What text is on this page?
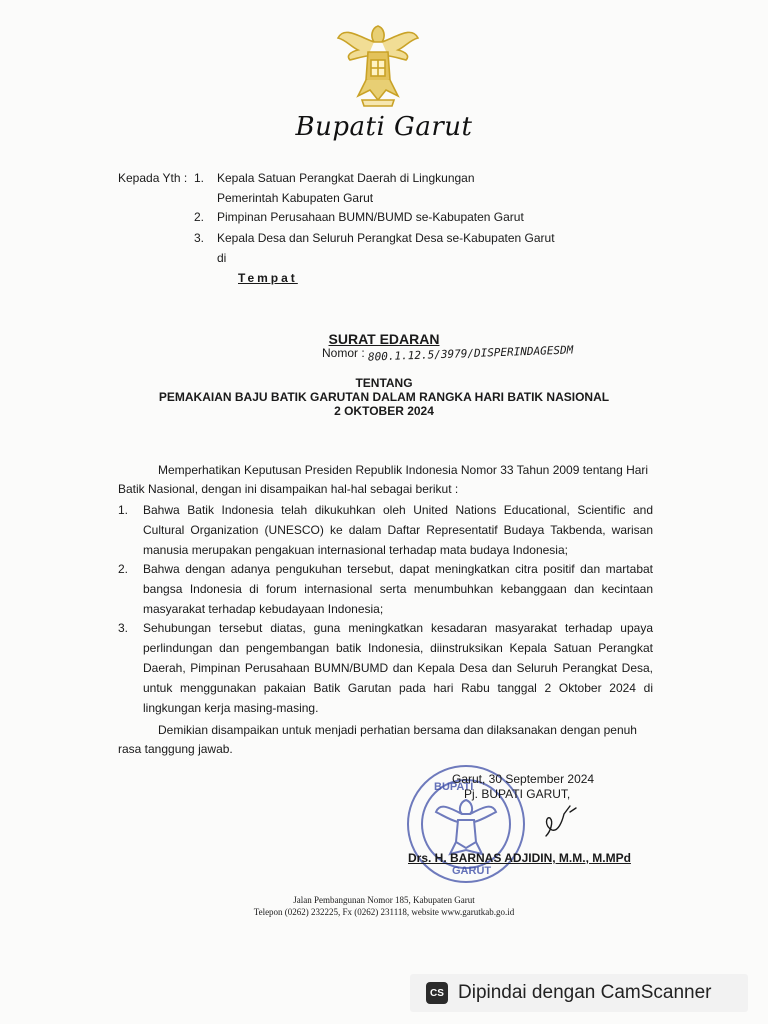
Bupati Garut
Kepada Yth : 1. Kepala Satuan Perangkat Daerah di Lingkungan
Pemerintah Kabupaten Garut
2. Pimpinan Perusahaan BUMN/BUMD se-Kabupaten Garut
3. Kepala Desa dan Seluruh Perangkat Desa se-Kabupaten Garut
di
Tempat
SURAT EDARAN
Nomor : 800.1.12.5/3979/DISPERINDAGESDM
TENTANG
PEMAKAIAN BAJU BATIK GARUTAN DALAM RANGKA HARI BATIK NASIONAL
2 OKTOBER 2024
Memperhatikan Keputusan Presiden Republik Indonesia Nomor 33 Tahun 2009 tentang Hari
Batik Nasional, dengan ini disampaikan hal-hal sebagai berikut :
1. Bahwa Batik Indonesia telah dikukuhkan oleh United Nations Educational, Scientific and Cultural Organization (UNESCO) ke dalam Daftar Representatif Budaya Takbenda, warisan manusia merupakan pengakuan internasional terhadap mata budaya Indonesia;
2. Bahwa dengan adanya pengukuhan tersebut, dapat meningkatkan citra positif dan martabat bangsa Indonesia di forum internasional serta menumbuhkan kebanggaan dan kecintaan masyarakat terhadap kebudayaan Indonesia;
3. Sehubungan tersebut diatas, guna meningkatkan kesadaran masyarakat terhadap upaya perlindungan dan pengembangan batik Indonesia, diinstruksikan Kepala Satuan Perangkat Daerah, Pimpinan Perusahaan BUMN/BUMD dan Kepala Desa dan Seluruh Perangkat Desa, untuk menggunakan pakaian Batik Garutan pada hari Rabu tanggal 2 Oktober 2024 di lingkungan kerja masing-masing.
Demikian disampaikan untuk menjadi perhatian bersama dan dilaksanakan dengan penuh
rasa tanggung jawab.
BUPATI
GARUT
Garut, 30 September 2024
Pj. BUPATI GARUT,
Drs. H. BARNAS ADJIDIN, M.M., M.MPd
Jalan Pembangunan Nomor 185, Kabupaten Garut
Telepon (0262) 232225, Fx (0262) 231118, website www.garutkab.go.id
CS Dipindai dengan CamScanner
